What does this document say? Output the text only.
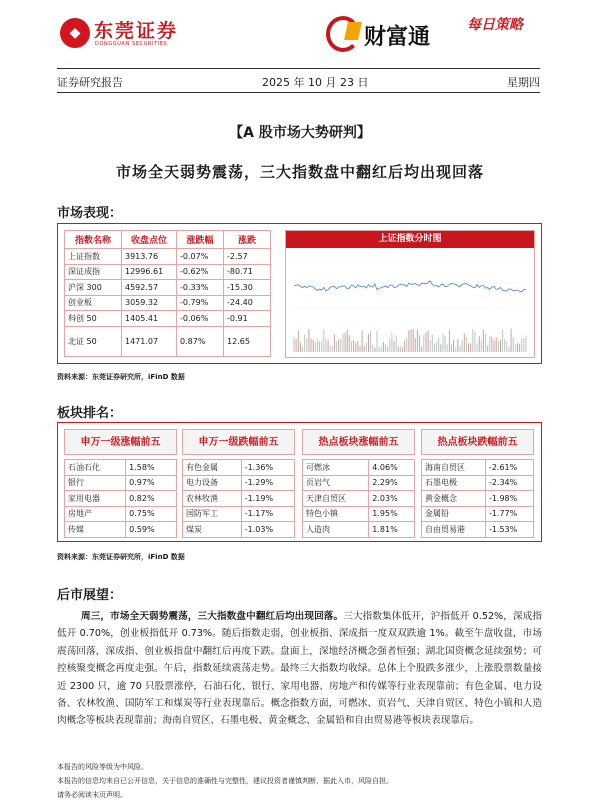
◆ 东莞证券
DONGGUAN SECURITIES	财富通	每日策略
证券研究报告	2025 年 10 月 23 日	星期四
【A 股市场大势研判】
市场全天弱势震荡，三大指数盘中翻红后均出现回落
市场表现：
指数名称	收盘点位	涨跌幅	涨跌
上证指数	3913.76	-0.07%	-2.57
深证成指	12996.61	-0.62%	-80.71
沪深 300	4592.57	-0.33%	-15.30
创业板	3059.32	-0.79%	-24.40
科创 50	1405.41	-0.06%	-0.91
北证 50	1471.07	0.87%	12.65
上证指数分时图
资料来源：东莞证券研究所，iFinD 数据
板块排名：
申万一级涨幅前五
石油石化	1.58%
银行	0.97%
家用电器	0.82%
房地产	0.75%
传媒	0.59%
申万一级跌幅前五
有色金属	-1.36%
电力设备	-1.29%
农林牧渔	-1.19%
国防军工	-1.17%
煤炭	-1.03%
热点板块涨幅前五
可燃冰	4.06%
页岩气	2.29%
天津自贸区	2.03%
特色小镇	1.95%
人造肉	1.81%
热点板块跌幅前五
海南自贸区	-2.61%
石墨电极	-2.34%
黄金概念	-1.98%
金属铅	-1.77%
自由贸易港	-1.53%
资料来源：东莞证券研究所，iFinD 数据
后市展望：
周三，市场全天弱势震荡，三大指数盘中翻红后均出现回落。三大指数集体低开，沪指低开 0.52%，深成指低开 0.70%，创业板指低开 0.73%。随后指数走弱，创业板指、深成指一度双双跌逾 1%。截至午盘收盘，市场震荡回落，深成指、创业板指盘中翻红后再度下跌。盘面上，深地经济概念强者恒强；湖北国资概念延续强势；可控核聚变概念再度走强。午后，指数延续震荡走势。最终三大指数均收绿。总体上个股跌多涨少，上涨股票数量接近 2300 只，逾 70 只股票涨停，石油石化、银行、家用电器、房地产和传媒等行业表现靠前；有色金属、电力设备、农林牧渔、国防军工和煤炭等行业表现靠后。概念指数方面，可燃冰、页岩气、天津自贸区、特色小镇和人造肉概念等板块表现靠前；海南自贸区、石墨电极、黄金概念、金属铅和自由贸易港等板块表现靠后。
本报告的风险等级为中风险。
本报告的信息均来自已公开信息，关于信息的准确性与完整性，建议投资者谨慎判断，据此入市，风险自担。
请务必阅读末页声明。
